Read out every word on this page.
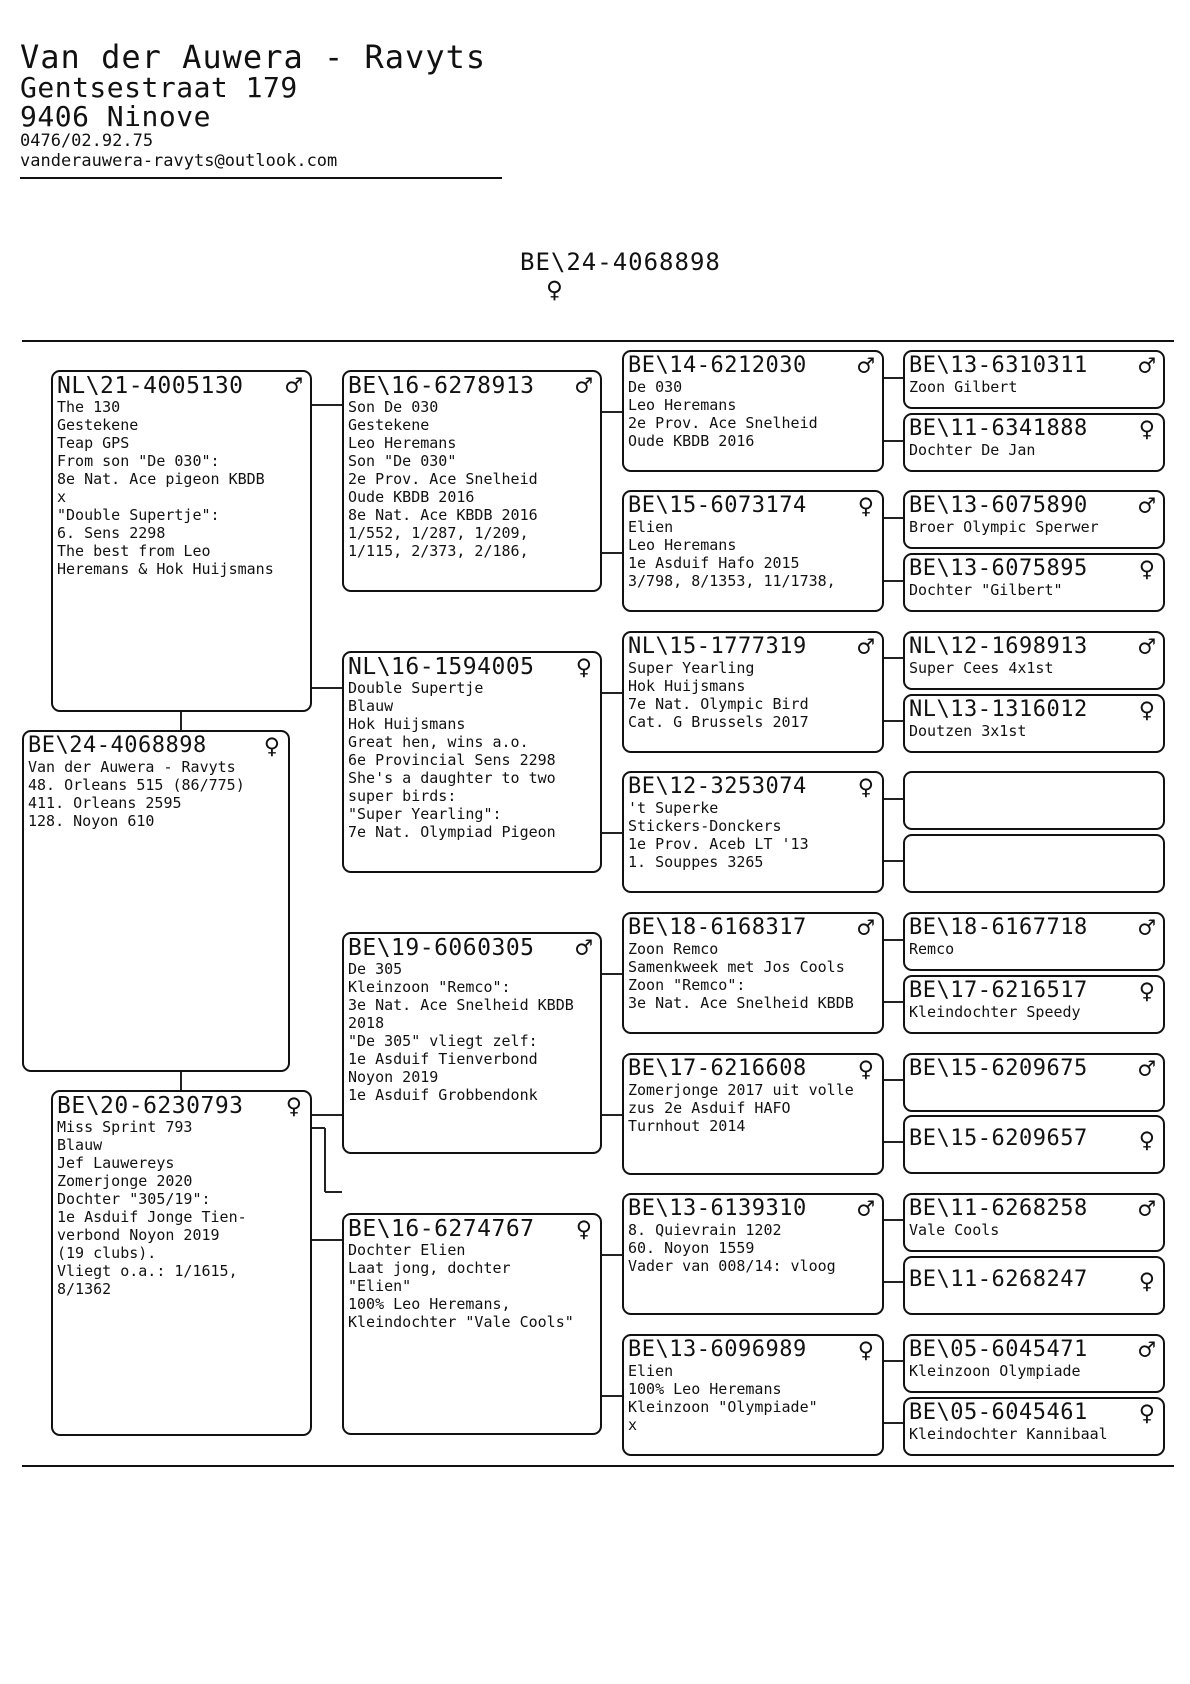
Van der Auwera - Ravyts
Gentsestraat 179
9406 Ninove
0476/02.92.75
vanderauwera-ravyts@outlook.com
BE\24-4068898
♀
BE\24-4068898 ♀
Van der Auwera - Ravyts
48. Orleans 515 (86/775)
411. Orleans 2595
128. Noyon 610
NL\21-4005130 ♂
The 130
Gestekene
Teap GPS
From son "De 030":
8e Nat. Ace pigeon KBDB
x
"Double Supertje":
6. Sens 2298
The best from Leo
Heremans & Hok Huijsmans
BE\20-6230793 ♀
Miss Sprint 793
Blauw
Jef Lauwereys
Zomerjonge 2020
Dochter "305/19":
1e Asduif Jonge Tien-
verbond Noyon 2019
(19 clubs).
Vliegt o.a.: 1/1615,
8/1362
BE\16-6278913 ♂
Son De 030
Gestekene
Leo Heremans
Son "De 030"
2e Prov. Ace Snelheid
Oude KBDB 2016
8e Nat. Ace KBDB 2016
1/552, 1/287, 1/209,
1/115, 2/373, 2/186,
NL\16-1594005 ♀
Double Supertje
Blauw
Hok Huijsmans
Great hen, wins a.o.
6e Provincial Sens 2298
She's a daughter to two
super birds:
"Super Yearling":
7e Nat. Olympiad Pigeon
BE\19-6060305 ♂
De 305
Kleinzoon "Remco":
3e Nat. Ace Snelheid KBDB
2018
"De 305" vliegt zelf:
1e Asduif Tienverbond
Noyon 2019
1e Asduif Grobbendonk
BE\16-6274767 ♀
Dochter Elien
Laat jong, dochter
"Elien"
100% Leo Heremans,
Kleindochter "Vale Cools"
BE\14-6212030 ♂
De 030
Leo Heremans
2e Prov. Ace Snelheid
Oude KBDB 2016
BE\15-6073174 ♀
Elien
Leo Heremans
1e Asduif Hafo 2015
3/798, 8/1353, 11/1738,
NL\15-1777319 ♂
Super Yearling
Hok Huijsmans
7e Nat. Olympic Bird
Cat. G Brussels 2017
BE\12-3253074 ♀
't Superke
Stickers-Donckers
1e Prov. Aceb LT '13
1. Souppes 3265
BE\18-6168317 ♂
Zoon Remco
Samenkweek met Jos Cools
Zoon "Remco":
3e Nat. Ace Snelheid KBDB
BE\17-6216608 ♀
Zomerjonge 2017 uit volle
zus 2e Asduif HAFO
Turnhout 2014
BE\13-6139310 ♂
8. Quievrain 1202
60. Noyon 1559
Vader van 008/14: vloog
BE\13-6096989 ♀
Elien
100% Leo Heremans
Kleinzoon "Olympiade"
x
BE\13-6310311 ♂
Zoon Gilbert
BE\11-6341888 ♀
Dochter De Jan
BE\13-6075890 ♂
Broer Olympic Sperwer
BE\13-6075895 ♀
Dochter "Gilbert"
NL\12-1698913 ♂
Super Cees 4x1st
NL\13-1316012 ♀
Doutzen 3x1st
BE\18-6167718 ♂
Remco
BE\17-6216517 ♀
Kleindochter Speedy
BE\15-6209675 ♂
BE\15-6209657 ♀
BE\11-6268258 ♂
Vale Cools
BE\11-6268247 ♀
BE\05-6045471 ♂
Kleinzoon Olympiade
BE\05-6045461 ♀
Kleindochter Kannibaal
